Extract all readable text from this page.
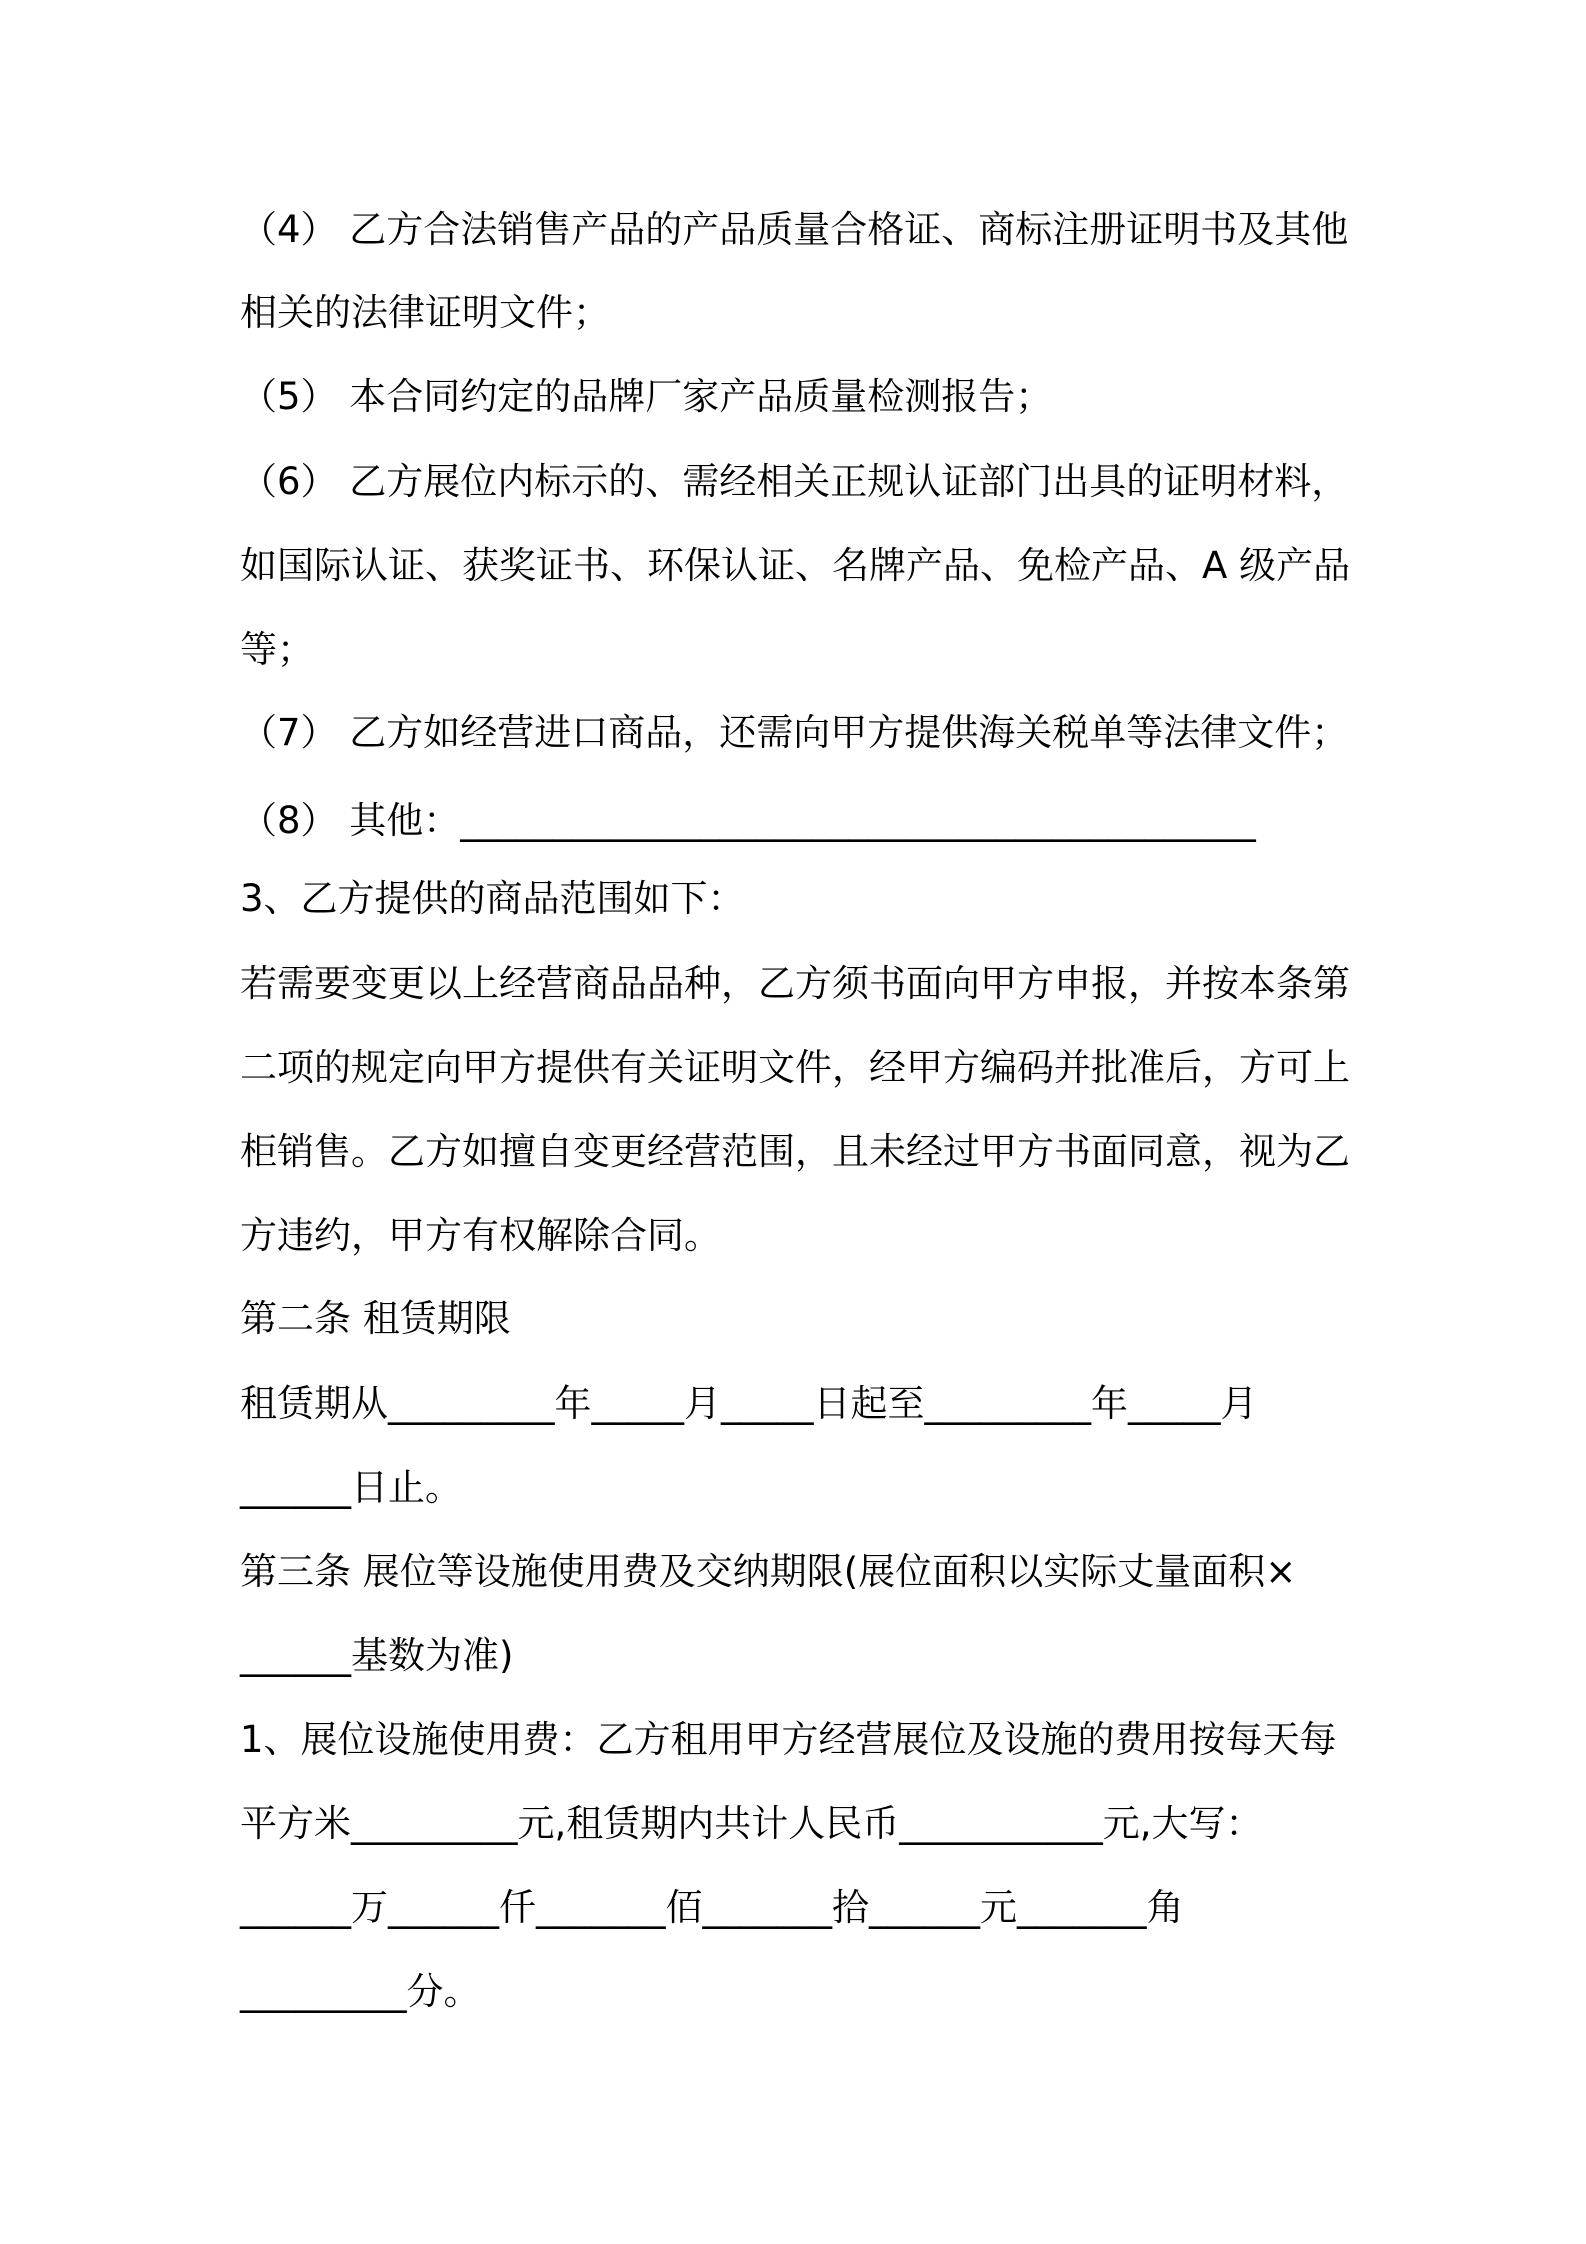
（4） 乙方合法销售产品的产品质量合格证、商标注册证明书及其他

相关的法律证明文件；

（5） 本合同约定的品牌厂家产品质量检测报告；

（6） 乙方展位内标示的、需经相关正规认证部门出具的证明材料，

如国际认证、获奖证书、环保认证、名牌产品、免检产品、A 级产品

等；

（7） 乙方如经营进口商品，还需向甲方提供海关税单等法律文件；

（8） 其他：___________________________________________

3、乙方提供的商品范围如下：

若需要变更以上经营商品品种，乙方须书面向甲方申报，并按本条第

二项的规定向甲方提供有关证明文件，经甲方编码并批准后，方可上

柜销售。乙方如擅自变更经营范围，且未经过甲方书面同意，视为乙

方违约，甲方有权解除合同。

第二条 租赁期限

租赁期从_________年_____月_____日起至_________年_____月

______日止。

第三条 展位等设施使用费及交纳期限(展位面积以实际丈量面积×

______基数为准)

1、展位设施使用费：乙方租用甲方经营展位及设施的费用按每天每

平方米_________元,租赁期内共计人民币___________元,大写：

______万______仟_______佰_______拾______元_______角

_________分。
